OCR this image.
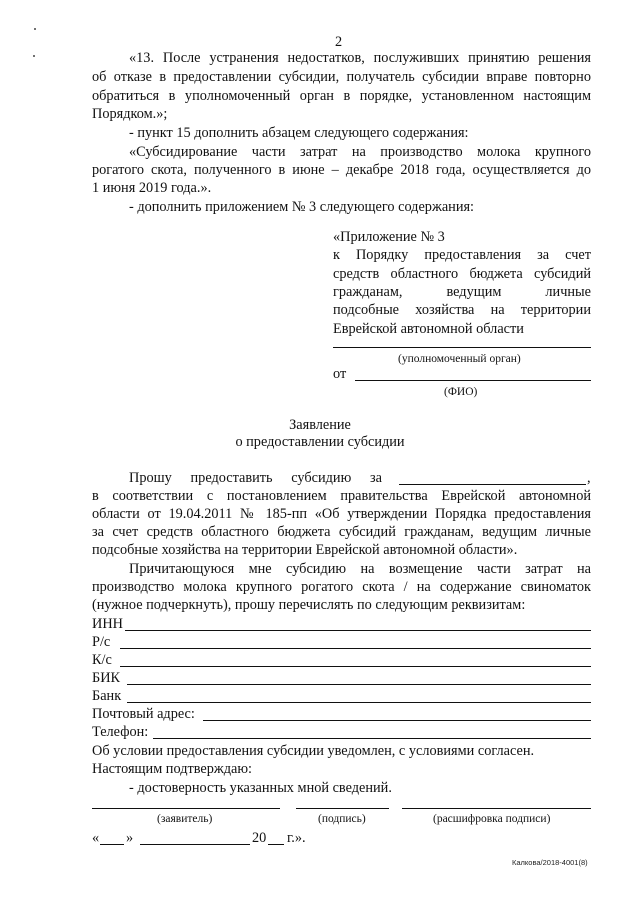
2
«13. После устранения недостатков, послуживших принятию решения
об отказе в предоставлении субсидии, получатель субсидии вправе повторно
обратиться в уполномоченный орган в порядке, установленном настоящим
Порядком.»;
- пункт 15 дополнить абзацем следующего содержания:
«Субсидирование части затрат на производство молока крупного
рогатого скота, полученного в июне – декабре 2018 года, осуществляется до
1 июня 2019 года.».
- дополнить приложением № 3 следующего содержания:
«Приложение № 3
к Порядку предоставления за счет
средств областного бюджета субсидий
гражданам, ведущим личные
подсобные хозяйства на территории
Еврейской автономной области
(уполномоченный орган)
от
(ФИО)
Заявление
о предоставлении субсидии
Прошу предоставить субсидию за	,
в соответствии с постановлением правительства Еврейской автономной
области от 19.04.2011 № 185-пп «Об утверждении Порядка предоставления
за счет средств областного бюджета субсидий гражданам, ведущим личные
подсобные хозяйства на территории Еврейской автономной области».
Причитающуюся мне субсидию на возмещение части затрат на
производство молока крупного рогатого скота / на содержание свиноматок
(нужное подчеркнуть), прошу перечислять по следующим реквизитам:
ИНН
Р/с
К/с
БИК
Банк
Почтовый адрес:
Телефон:
Об условии предоставления субсидии уведомлен, с условиями согласен.
Настоящим подтверждаю:
- достоверность указанных мной сведений.
(заявитель)	(подпись)	(расшифровка подписи)
« »	20 г.».
Калкова/2018-4001(8)
